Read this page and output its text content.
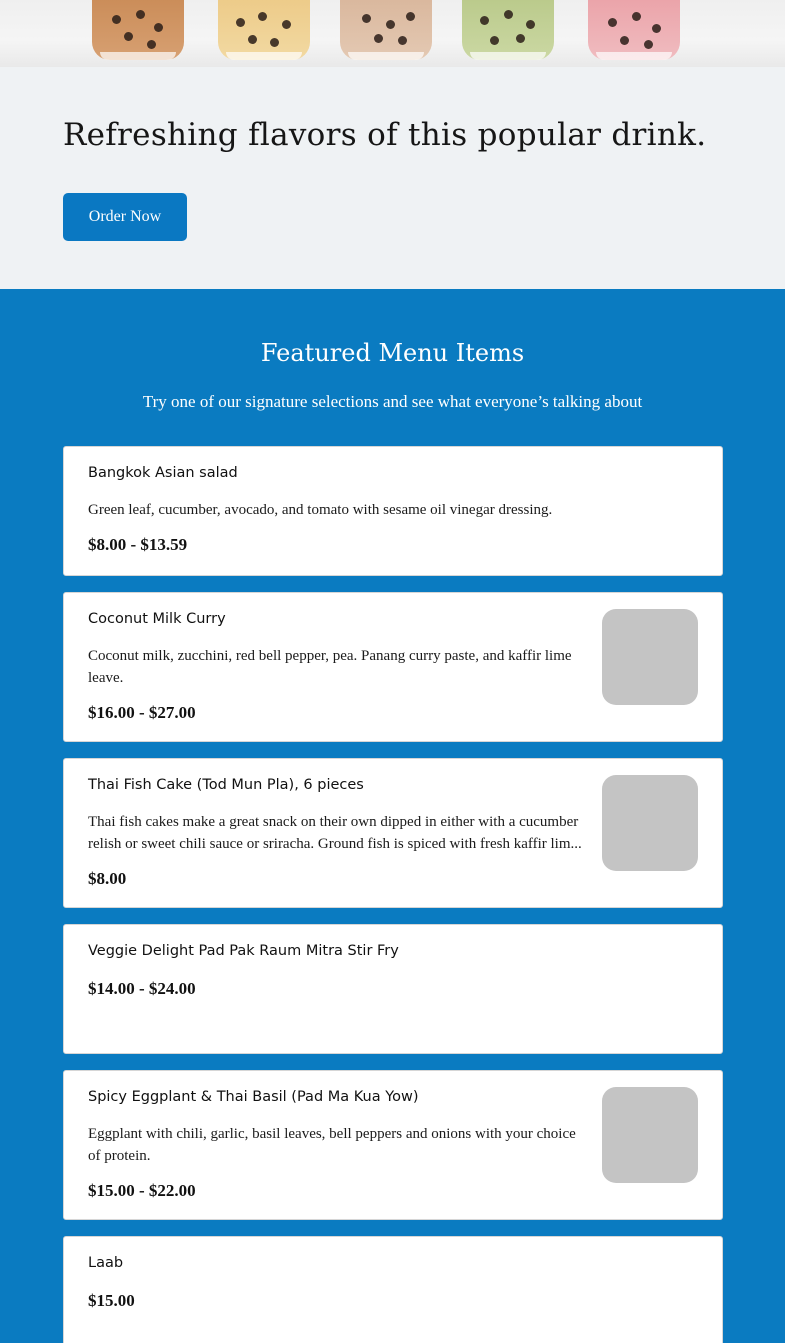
Refreshing flavors of this popular drink.
Order Now
Featured Menu Items

Try one of our signature selections and see what everyone’s talking about

Bangkok Asian salad
Green leaf, cucumber, avocado, and tomato with sesame oil vinegar dressing.
$8.00 - $13.59
Coconut Milk Curry
Coconut milk, zucchini, red bell pepper, pea. Panang curry paste, and kaffir lime leave.
$16.00 - $27.00
Thai Fish Cake (Tod Mun Pla), 6 pieces
Thai fish cakes make a great snack on their own dipped in either with a cucumber relish or sweet chili sauce or sriracha. Ground fish is spiced with fresh kaffir lim...
$8.00
Veggie Delight Pad Pak Raum Mitra Stir Fry
$14.00 - $24.00
Spicy Eggplant & Thai Basil (Pad Ma Kua Yow)
Eggplant with chili, garlic, basil leaves, bell peppers and onions with your choice of protein.
$15.00 - $22.00
Laab
$15.00
